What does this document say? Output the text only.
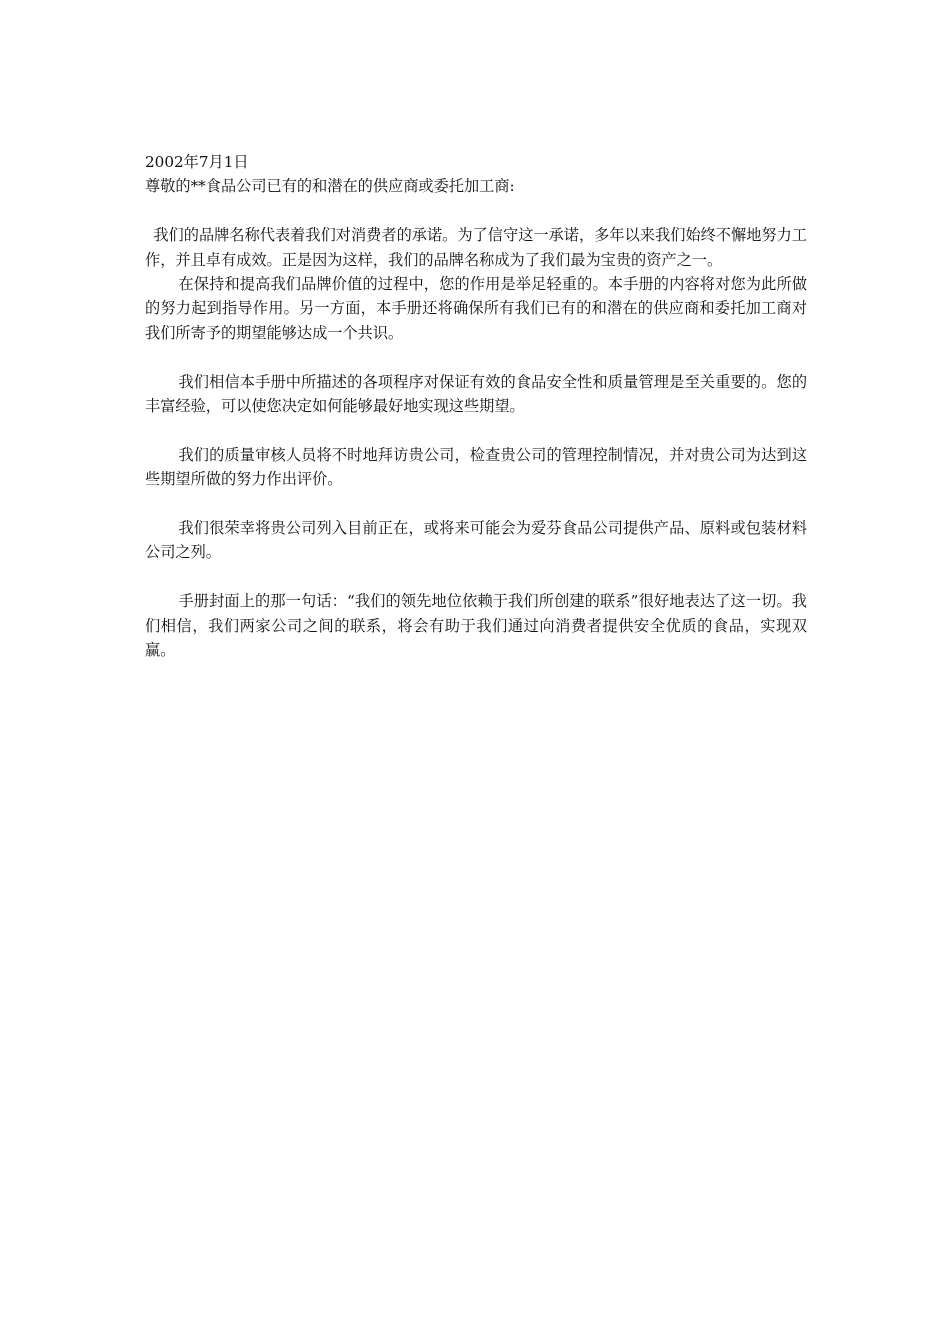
2002年7月1日
尊敬的**食品公司已有的和潜在的供应商或委托加工商:

我们的品牌名称代表着我们对消费者的承诺。为了信守这一承诺，多年以来我们始终不懈地努力工作，并且卓有成效。正是因为这样，我们的品牌名称成为了我们最为宝贵的资产之一。

在保持和提高我们品牌价值的过程中，您的作用是举足轻重的。本手册的内容将对您为此所做的努力起到指导作用。另一方面，本手册还将确保所有我们已有的和潜在的供应商和委托加工商对我们所寄予的期望能够达成一个共识。

我们相信本手册中所描述的各项程序对保证有效的食品安全性和质量管理是至关重要的。您的丰富经验，可以使您决定如何能够最好地实现这些期望。

我们的质量审核人员将不时地拜访贵公司，检查贵公司的管理控制情况，并对贵公司为达到这些期望所做的努力作出评价。

我们很荣幸将贵公司列入目前正在，或将来可能会为爱芬食品公司提供产品、原料或包装材料公司之列。

手册封面上的那一句话：“我们的领先地位依赖于我们所创建的联系”很好地表达了这一切。我们相信，我们两家公司之间的联系，将会有助于我们通过向消费者提供安全优质的食品，实现双赢。
